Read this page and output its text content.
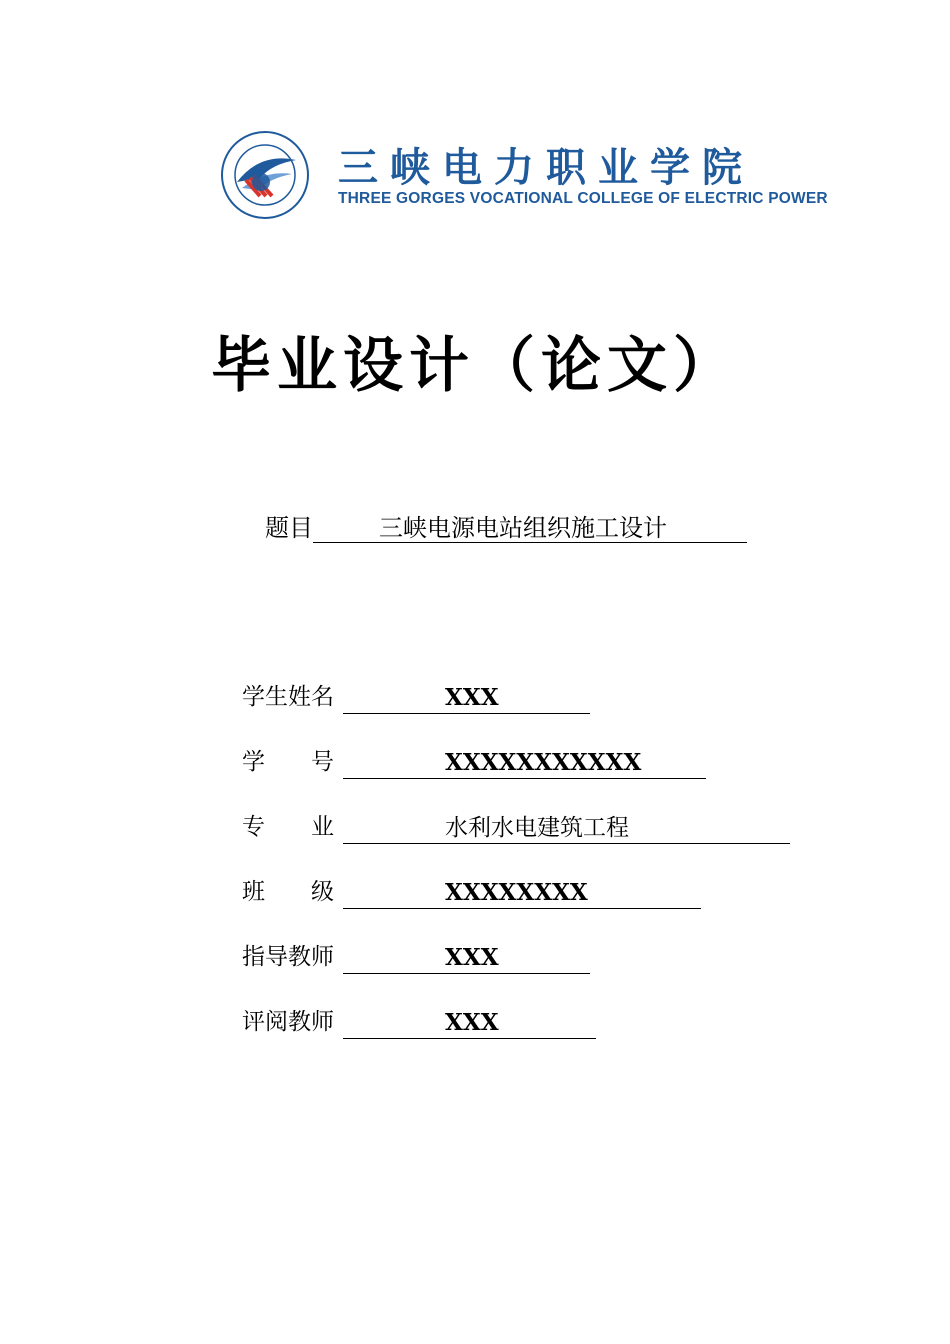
三峡电力职业学院
THREE GORGES VOCATIONAL COLLEGE OF ELECTRIC POWER
毕业设计（论文）
题目	三峡电源电站组织施工设计
学生姓名	XXX
学　　号	XXXXXXXXXXX
专　　业	水利水电建筑工程
班　　级	XXXXXXXX
指导教师	XXX
评阅教师	XXX
